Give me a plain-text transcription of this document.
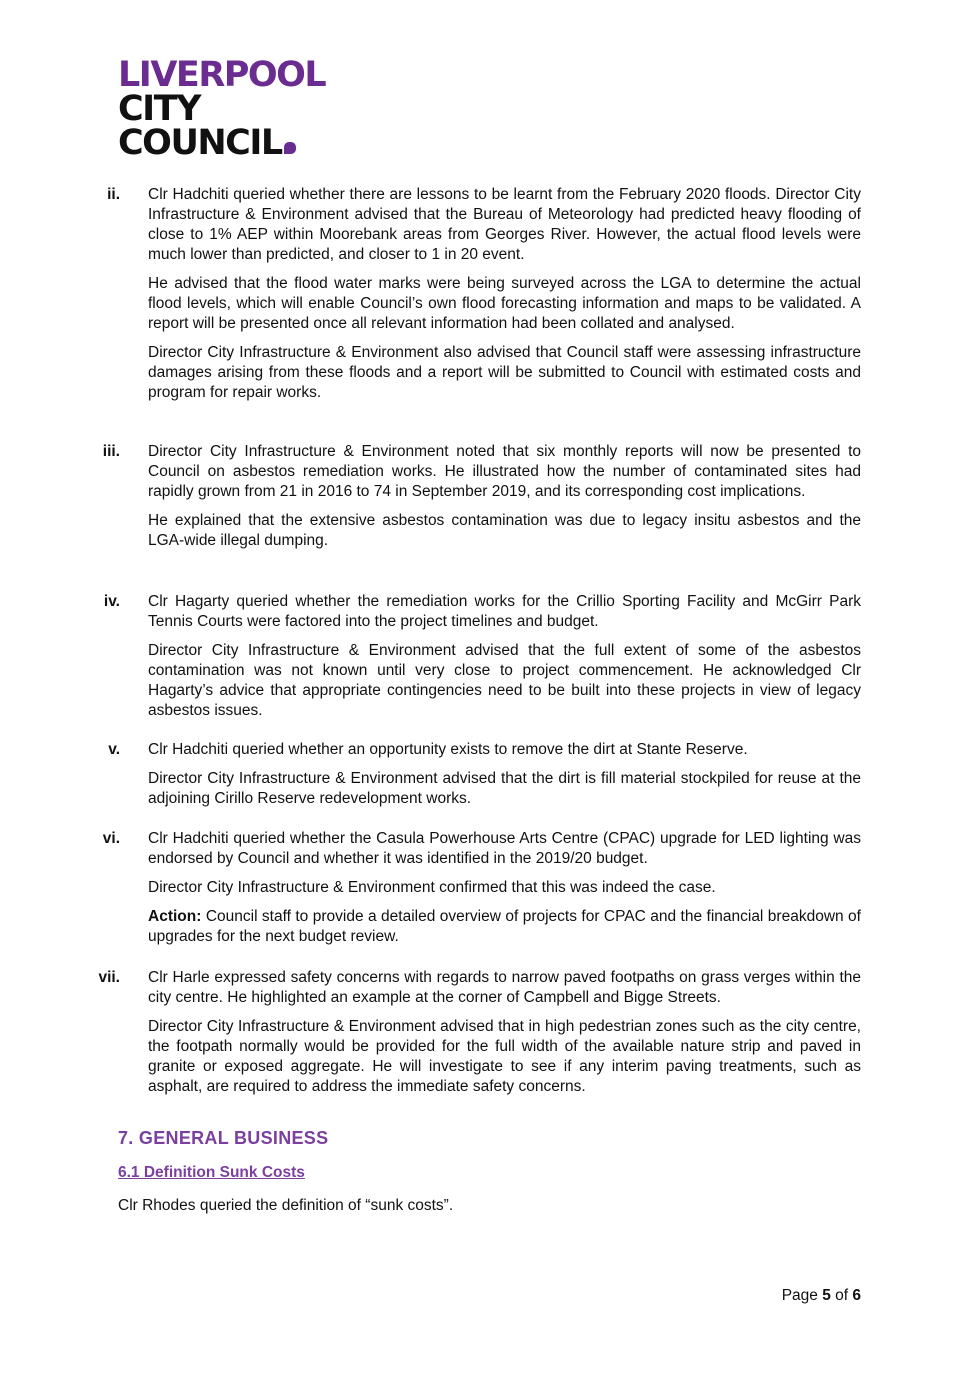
LIVERPOOL
CITY
COUNCIL
ii. Clr Hadchiti queried whether there are lessons to be learnt from the February 2020 floods. Director City Infrastructure & Environment advised that the Bureau of Meteorology had predicted heavy flooding of close to 1% AEP within Moorebank areas from Georges River. However, the actual flood levels were much lower than predicted, and closer to 1 in 20 event.
He advised that the flood water marks were being surveyed across the LGA to determine the actual flood levels, which will enable Council’s own flood forecasting information and maps to be validated. A report will be presented once all relevant information had been collated and analysed.
Director City Infrastructure & Environment also advised that Council staff were assessing infrastructure damages arising from these floods and a report will be submitted to Council with estimated costs and program for repair works.
iii. Director City Infrastructure & Environment noted that six monthly reports will now be presented to Council on asbestos remediation works. He illustrated how the number of contaminated sites had rapidly grown from 21 in 2016 to 74 in September 2019, and its corresponding cost implications.
He explained that the extensive asbestos contamination was due to legacy insitu asbestos and the LGA-wide illegal dumping.
iv. Clr Hagarty queried whether the remediation works for the Crillio Sporting Facility and McGirr Park Tennis Courts were factored into the project timelines and budget.
Director City Infrastructure & Environment advised that the full extent of some of the asbestos contamination was not known until very close to project commencement. He acknowledged Clr Hagarty’s advice that appropriate contingencies need to be built into these projects in view of legacy asbestos issues.
v. Clr Hadchiti queried whether an opportunity exists to remove the dirt at Stante Reserve.
Director City Infrastructure & Environment advised that the dirt is fill material stockpiled for reuse at the adjoining Cirillo Reserve redevelopment works.
vi. Clr Hadchiti queried whether the Casula Powerhouse Arts Centre (CPAC) upgrade for LED lighting was endorsed by Council and whether it was identified in the 2019/20 budget.
Director City Infrastructure & Environment confirmed that this was indeed the case.
Action: Council staff to provide a detailed overview of projects for CPAC and the financial breakdown of upgrades for the next budget review.
vii. Clr Harle expressed safety concerns with regards to narrow paved footpaths on grass verges within the city centre. He highlighted an example at the corner of Campbell and Bigge Streets.
Director City Infrastructure & Environment advised that in high pedestrian zones such as the city centre, the footpath normally would be provided for the full width of the available nature strip and paved in granite or exposed aggregate. He will investigate to see if any interim paving treatments, such as asphalt, are required to address the immediate safety concerns.
7. GENERAL BUSINESS
6.1 Definition Sunk Costs
Clr Rhodes queried the definition of “sunk costs”.
Page 5 of 6
